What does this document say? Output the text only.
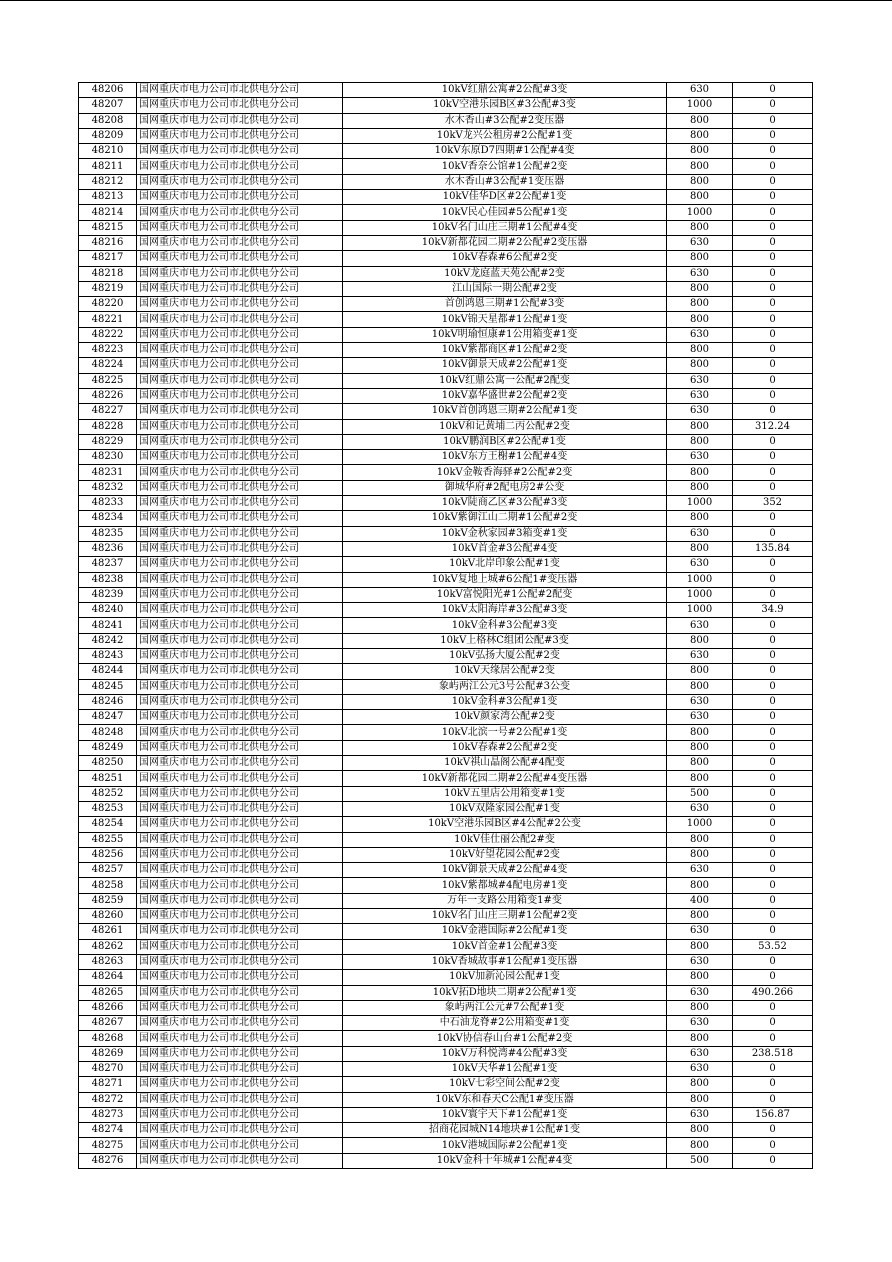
48206	国网重庆市电力公司市北供电分公司	10kV红鼎公寓#2公配#3变	630	0
48207	国网重庆市电力公司市北供电分公司	10kV空港乐园B区#3公配#3变	1000	0
48208	国网重庆市电力公司市北供电分公司	水木香山#3公配#2变压器	800	0
48209	国网重庆市电力公司市北供电分公司	10kV龙兴公租房#2公配#1变	800	0
48210	国网重庆市电力公司市北供电分公司	10kV东原D7四期#1公配#4变	800	0
48211	国网重庆市电力公司市北供电分公司	10kV香奈公馆#1公配#2变	800	0
48212	国网重庆市电力公司市北供电分公司	水木香山#3公配#1变压器	800	0
48213	国网重庆市电力公司市北供电分公司	10kV佳华D区#2公配#1变	800	0
48214	国网重庆市电力公司市北供电分公司	10kV民心佳园#5公配#1变	1000	0
48215	国网重庆市电力公司市北供电分公司	10kV名门山庄三期#1公配#4变	800	0
48216	国网重庆市电力公司市北供电分公司	10kV新都花园二期#2公配#2变压器	630	0
48217	国网重庆市电力公司市北供电分公司	10kV春森#6公配#2变	800	0
48218	国网重庆市电力公司市北供电分公司	10kV龙庭蓝天苑公配#2变	630	0
48219	国网重庆市电力公司市北供电分公司	江山国际一期公配#2变	800	0
48220	国网重庆市电力公司市北供电分公司	首创鸿恩三期#1公配#3变	800	0
48221	国网重庆市电力公司市北供电分公司	10kV锦天星都#1公配#1变	800	0
48222	国网重庆市电力公司市北供电分公司	10kV明瑜恒康#1公用箱变#1变	630	0
48223	国网重庆市电力公司市北供电分公司	10kV紫都商区#1公配#2变	800	0
48224	国网重庆市电力公司市北供电分公司	10kV御景天成#2公配#1变	800	0
48225	国网重庆市电力公司市北供电分公司	10kV红鼎公寓一公配#2配变	630	0
48226	国网重庆市电力公司市北供电分公司	10kV嘉华盛世#2公配#2变	630	0
48227	国网重庆市电力公司市北供电分公司	10kV首创鸿恩三期#2公配#1变	630	0
48228	国网重庆市电力公司市北供电分公司	10kV和记黄埔二丙公配#2变	800	312.24
48229	国网重庆市电力公司市北供电分公司	10kV鹏润B区#2公配#1变	800	0
48230	国网重庆市电力公司市北供电分公司	10kV东方王榭#1公配#4变	630	0
48231	国网重庆市电力公司市北供电分公司	10kV金鞍香海驿#2公配#2变	800	0
48232	国网重庆市电力公司市北供电分公司	御城华府#2配电房2#公变	800	0
48233	国网重庆市电力公司市北供电分公司	10kV陡商乙区#3公配#3变	1000	352
48234	国网重庆市电力公司市北供电分公司	10kV紫御江山二期#1公配#2变	800	0
48235	国网重庆市电力公司市北供电分公司	10kV金秋家园#3箱变#1变	630	0
48236	国网重庆市电力公司市北供电分公司	10kV首金#3公配#4变	800	135.84
48237	国网重庆市电力公司市北供电分公司	10kV北岸印象公配#1变	630	0
48238	国网重庆市电力公司市北供电分公司	10kV复地上城#6公配1#变压器	1000	0
48239	国网重庆市电力公司市北供电分公司	10kV富悦阳光#1公配#2配变	1000	0
48240	国网重庆市电力公司市北供电分公司	10kV太阳海岸#3公配#3变	1000	34.9
48241	国网重庆市电力公司市北供电分公司	10kV金科#3公配#3变	630	0
48242	国网重庆市电力公司市北供电分公司	10kV上格林C组团公配#3变	800	0
48243	国网重庆市电力公司市北供电分公司	10kV弘扬大厦公配#2变	630	0
48244	国网重庆市电力公司市北供电分公司	10kV天缘居公配#2变	800	0
48245	国网重庆市电力公司市北供电分公司	象屿两江公元3号公配#3公变	800	0
48246	国网重庆市电力公司市北供电分公司	10kV金科#3公配#1变	630	0
48247	国网重庆市电力公司市北供电分公司	10kV颜家湾公配#2变	630	0
48248	国网重庆市电力公司市北供电分公司	10kV北滨一号#2公配#1变	800	0
48249	国网重庆市电力公司市北供电分公司	10kV春森#2公配#2变	800	0
48250	国网重庆市电力公司市北供电分公司	10kV祺山晶阁公配#4配变	800	0
48251	国网重庆市电力公司市北供电分公司	10kV新都花园二期#2公配#4变压器	800	0
48252	国网重庆市电力公司市北供电分公司	10kV五里店公用箱变#1变	500	0
48253	国网重庆市电力公司市北供电分公司	10kV双隆家园公配#1变	630	0
48254	国网重庆市电力公司市北供电分公司	10kV空港乐园B区#4公配#2公变	1000	0
48255	国网重庆市电力公司市北供电分公司	10kV佳仕丽公配2#变	800	0
48256	国网重庆市电力公司市北供电分公司	10kV好望花园公配#2变	800	0
48257	国网重庆市电力公司市北供电分公司	10kV御景天成#2公配#4变	630	0
48258	国网重庆市电力公司市北供电分公司	10kV紫都城#4配电房#1变	800	0
48259	国网重庆市电力公司市北供电分公司	万年一支路公用箱变1#变	400	0
48260	国网重庆市电力公司市北供电分公司	10kV名门山庄三期#1公配#2变	800	0
48261	国网重庆市电力公司市北供电分公司	10kV金港国际#2公配#1变	630	0
48262	国网重庆市电力公司市北供电分公司	10kV首金#1公配#3变	800	53.52
48263	国网重庆市电力公司市北供电分公司	10kV香城故事#1公配#1变压器	630	0
48264	国网重庆市电力公司市北供电分公司	10kV加新沁园公配#1变	800	0
48265	国网重庆市电力公司市北供电分公司	10kV拓D地块二期#2公配#1变	630	490.266
48266	国网重庆市电力公司市北供电分公司	象屿两江公元#7公配#1变	800	0
48267	国网重庆市电力公司市北供电分公司	中石油龙脊#2公用箱变#1变	630	0
48268	国网重庆市电力公司市北供电分公司	10kV协信春山台#1公配#2变	800	0
48269	国网重庆市电力公司市北供电分公司	10kV万科悦湾#4公配#3变	630	238.518
48270	国网重庆市电力公司市北供电分公司	10kV天华#1公配#1变	630	0
48271	国网重庆市电力公司市北供电分公司	10kV七彩空间公配#2变	800	0
48272	国网重庆市电力公司市北供电分公司	10kV东和春天C公配1#变压器	800	0
48273	国网重庆市电力公司市北供电分公司	10kV寰宇天下#1公配#1变	630	156.87
48274	国网重庆市电力公司市北供电分公司	招商花园城N14地块#1公配#1变	800	0
48275	国网重庆市电力公司市北供电分公司	10kV港城国际#2公配#1变	800	0
48276	国网重庆市电力公司市北供电分公司	10kV金科十年城#1公配#4变	500	0
